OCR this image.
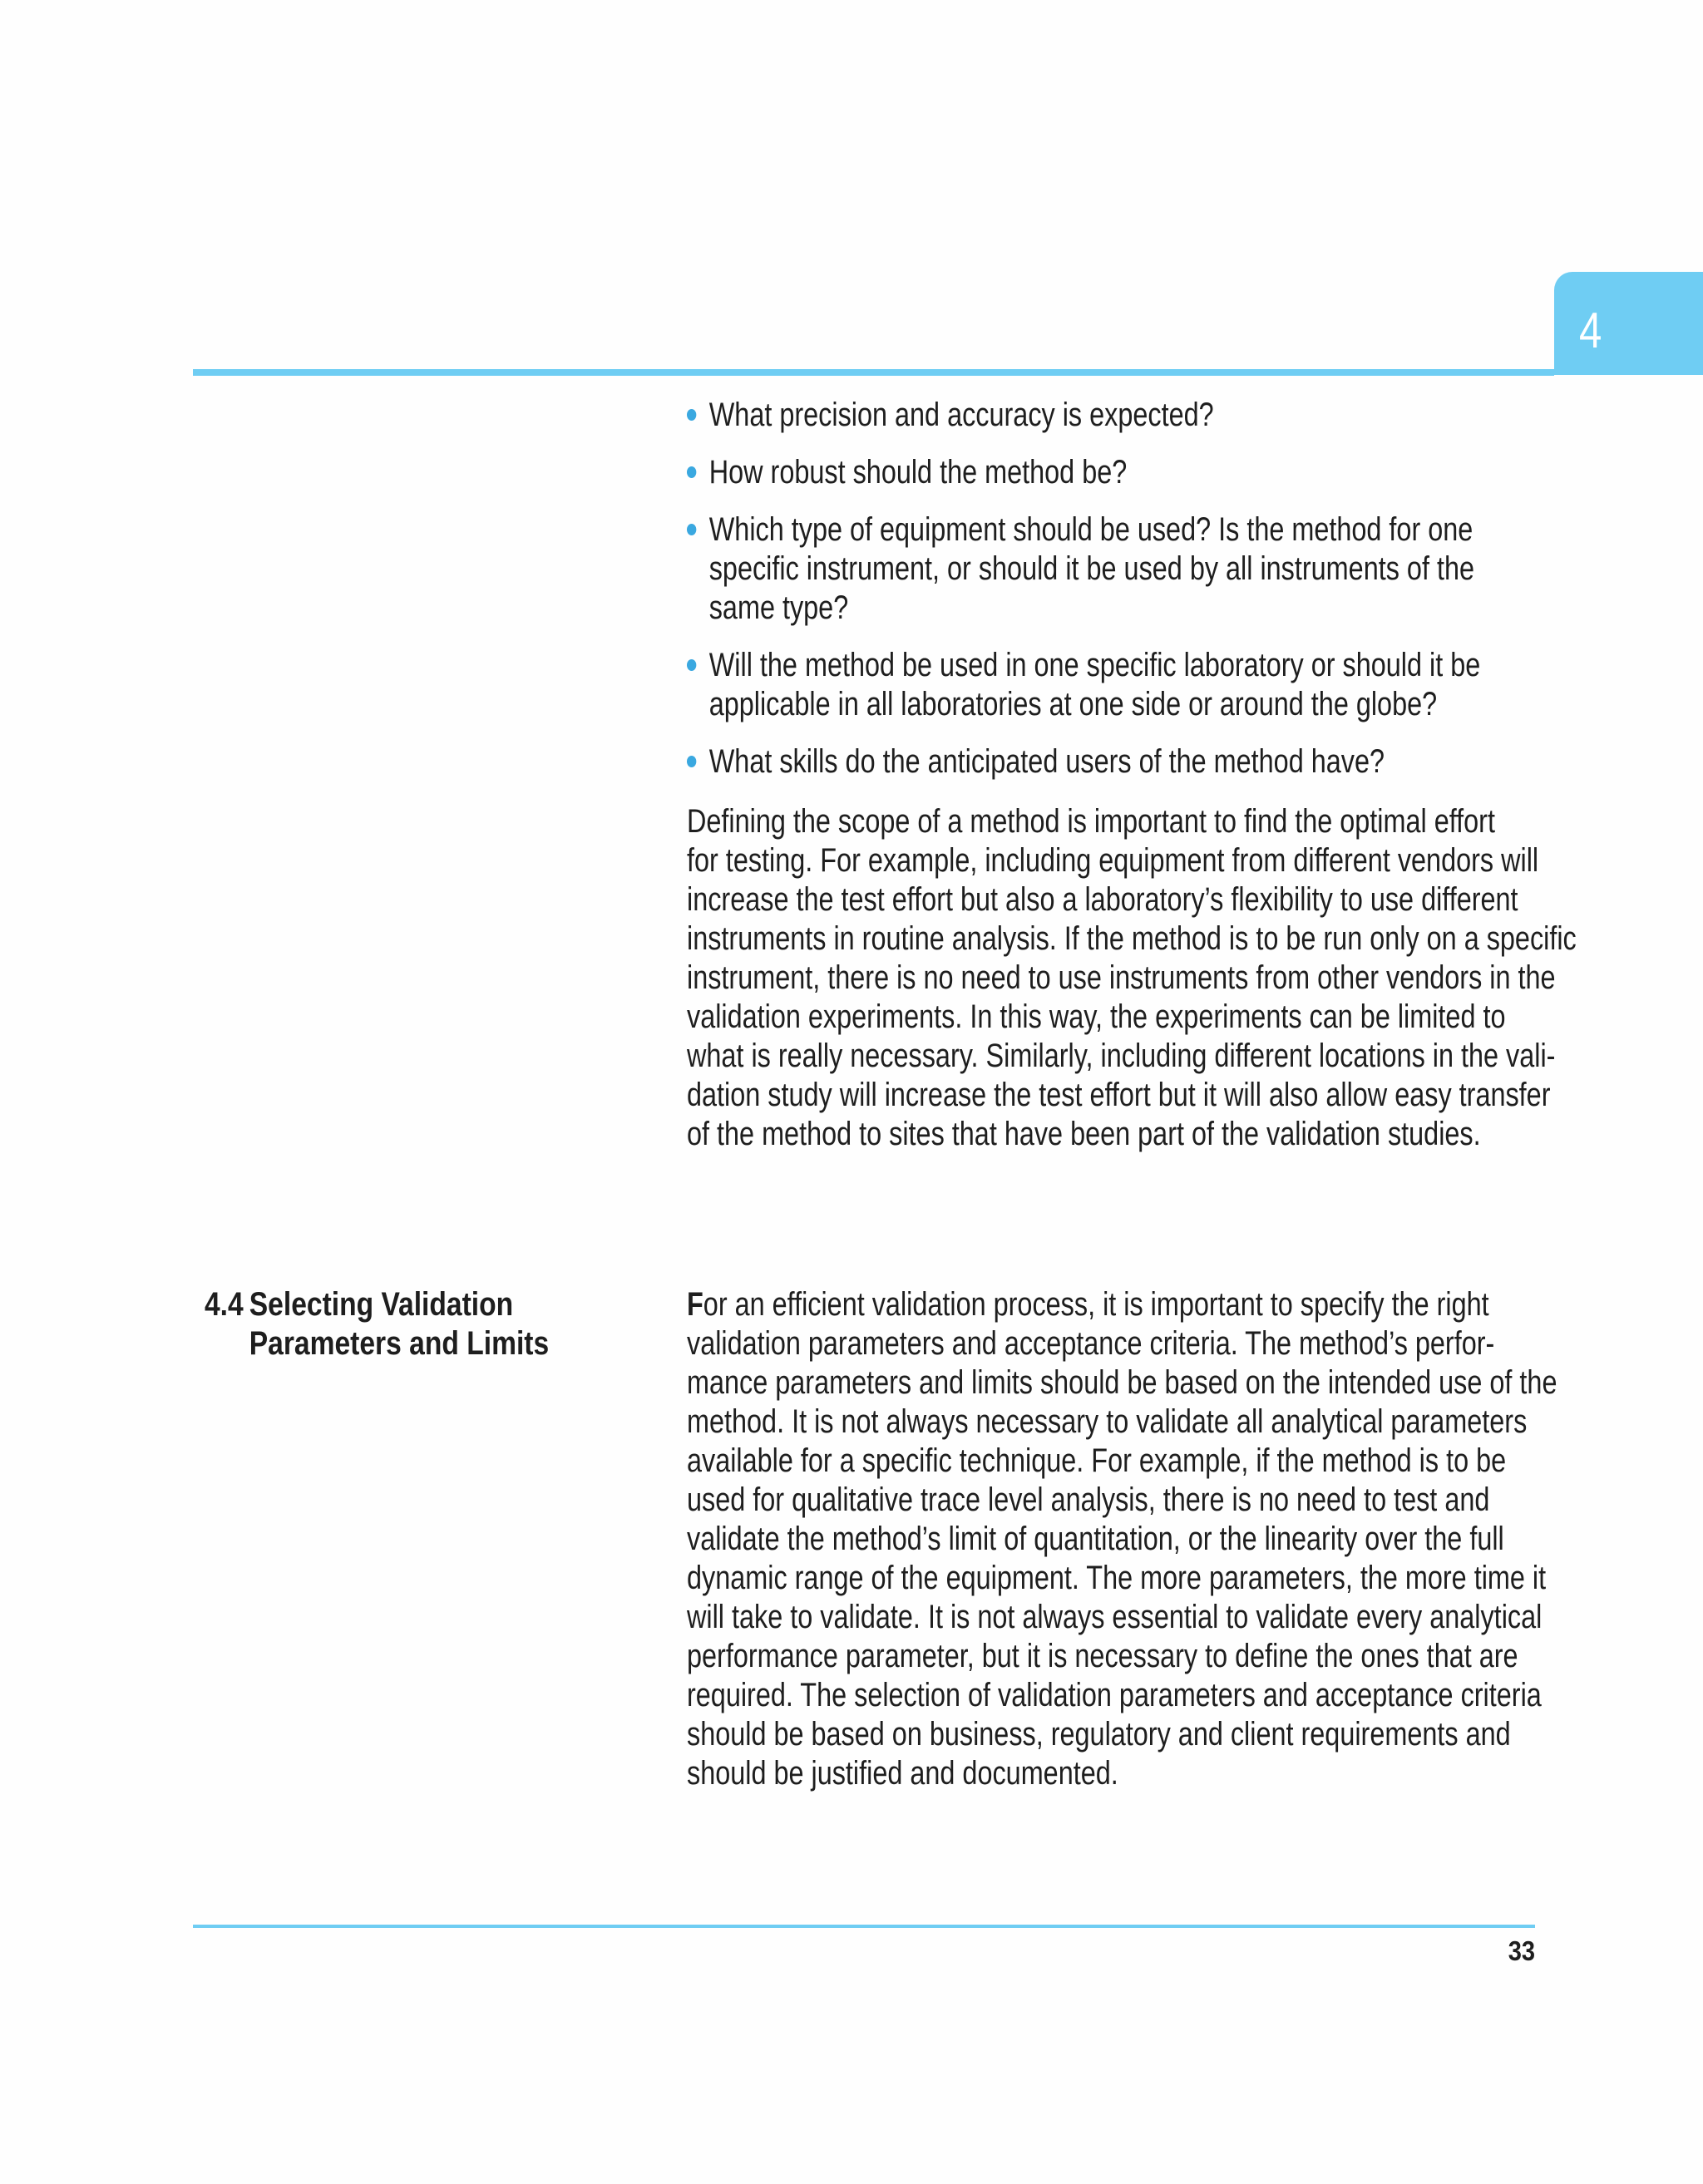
4
What precision and accuracy is expected?
How robust should the method be?
Which type of equipment should be used? Is the method for one
specific instrument, or should it be used by all instruments of the
same type?
Will the method be used in one specific laboratory or should it be
applicable in all laboratories at one side or around the globe?
What skills do the anticipated users of the method have?
Defining the scope of a method is important to find the optimal effort
for testing. For example, including equipment from different vendors will
increase the test effort but also a laboratory’s flexibility to use different
instruments in routine analysis. If the method is to be run only on a specific
instrument, there is no need to use instruments from other vendors in the
validation experiments. In this way, the experiments can be limited to
what is really necessary. Similarly, including different locations in the vali-
dation study will increase the test effort but it will also allow easy transfer
of the method to sites that have been part of the validation studies.
4.4 Selecting Validation
Parameters and Limits
For an efficient validation process, it is important to specify the right
validation parameters and acceptance criteria. The method’s perfor-
mance parameters and limits should be based on the intended use of the
method. It is not always necessary to validate all analytical parameters
available for a specific technique. For example, if the method is to be
used for qualitative trace level analysis, there is no need to test and
validate the method’s limit of quantitation, or the linearity over the full
dynamic range of the equipment. The more parameters, the more time it
will take to validate. It is not always essential to validate every analytical
performance parameter, but it is necessary to define the ones that are
required. The selection of validation parameters and acceptance criteria
should be based on business, regulatory and client requirements and
should be justified and documented.
33
